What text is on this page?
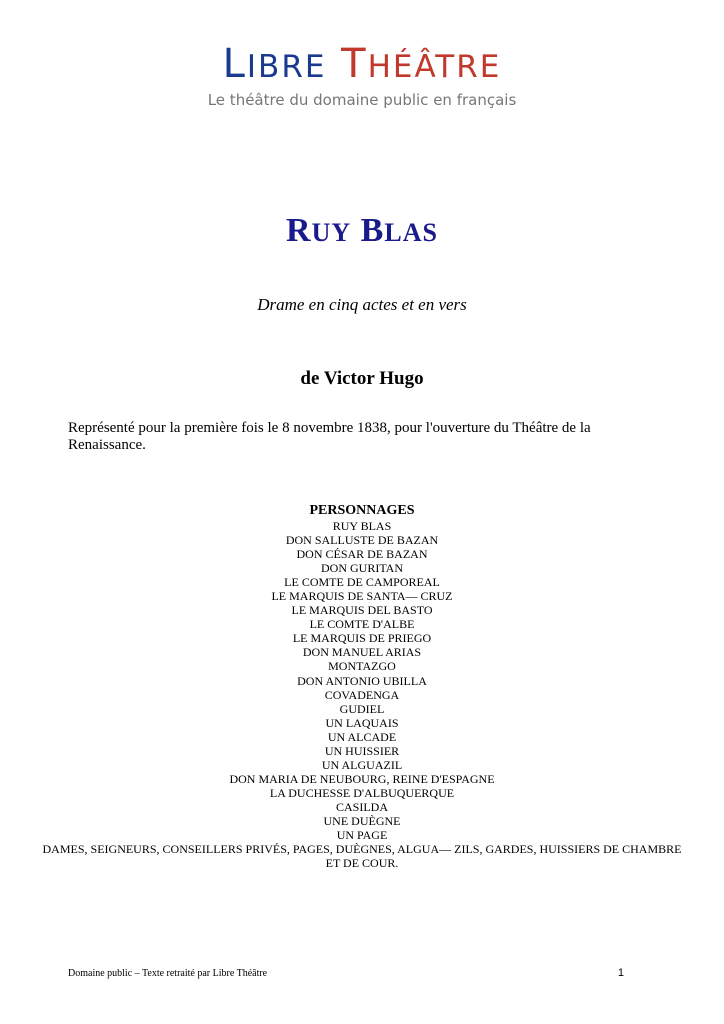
LIBRE THÉÂTRE
Le théâtre du domaine public en français
RUY BLAS
Drame en cinq actes et en vers
de Victor Hugo
Représenté pour la première fois le 8 novembre 1838, pour l'ouverture du Théâtre de la Renaissance.
PERSONNAGES
RUY BLAS
DON SALLUSTE DE BAZAN
DON CÉSAR DE BAZAN
DON GURITAN
LE COMTE DE CAMPOREAL
LE MARQUIS DE SANTA— CRUZ
LE MARQUIS DEL BASTO
LE COMTE D'ALBE
LE MARQUIS DE PRIEGO
DON MANUEL ARIAS
MONTAZGO
DON ANTONIO UBILLA
COVADENGA
GUDIEL
UN LAQUAIS
UN ALCADE
UN HUISSIER
UN ALGUAZIL
DON MARIA DE NEUBOURG, REINE D'ESPAGNE
LA DUCHESSE D'ALBUQUERQUE
CASILDA
UNE DUÈGNE
UN PAGE
DAMES, SEIGNEURS, CONSEILLERS PRIVÉS, PAGES, DUÈGNES, ALGUA— ZILS, GARDES, HUISSIERS DE CHAMBRE ET DE COUR.
Domaine public – Texte retraité par Libre Théâtre	1
